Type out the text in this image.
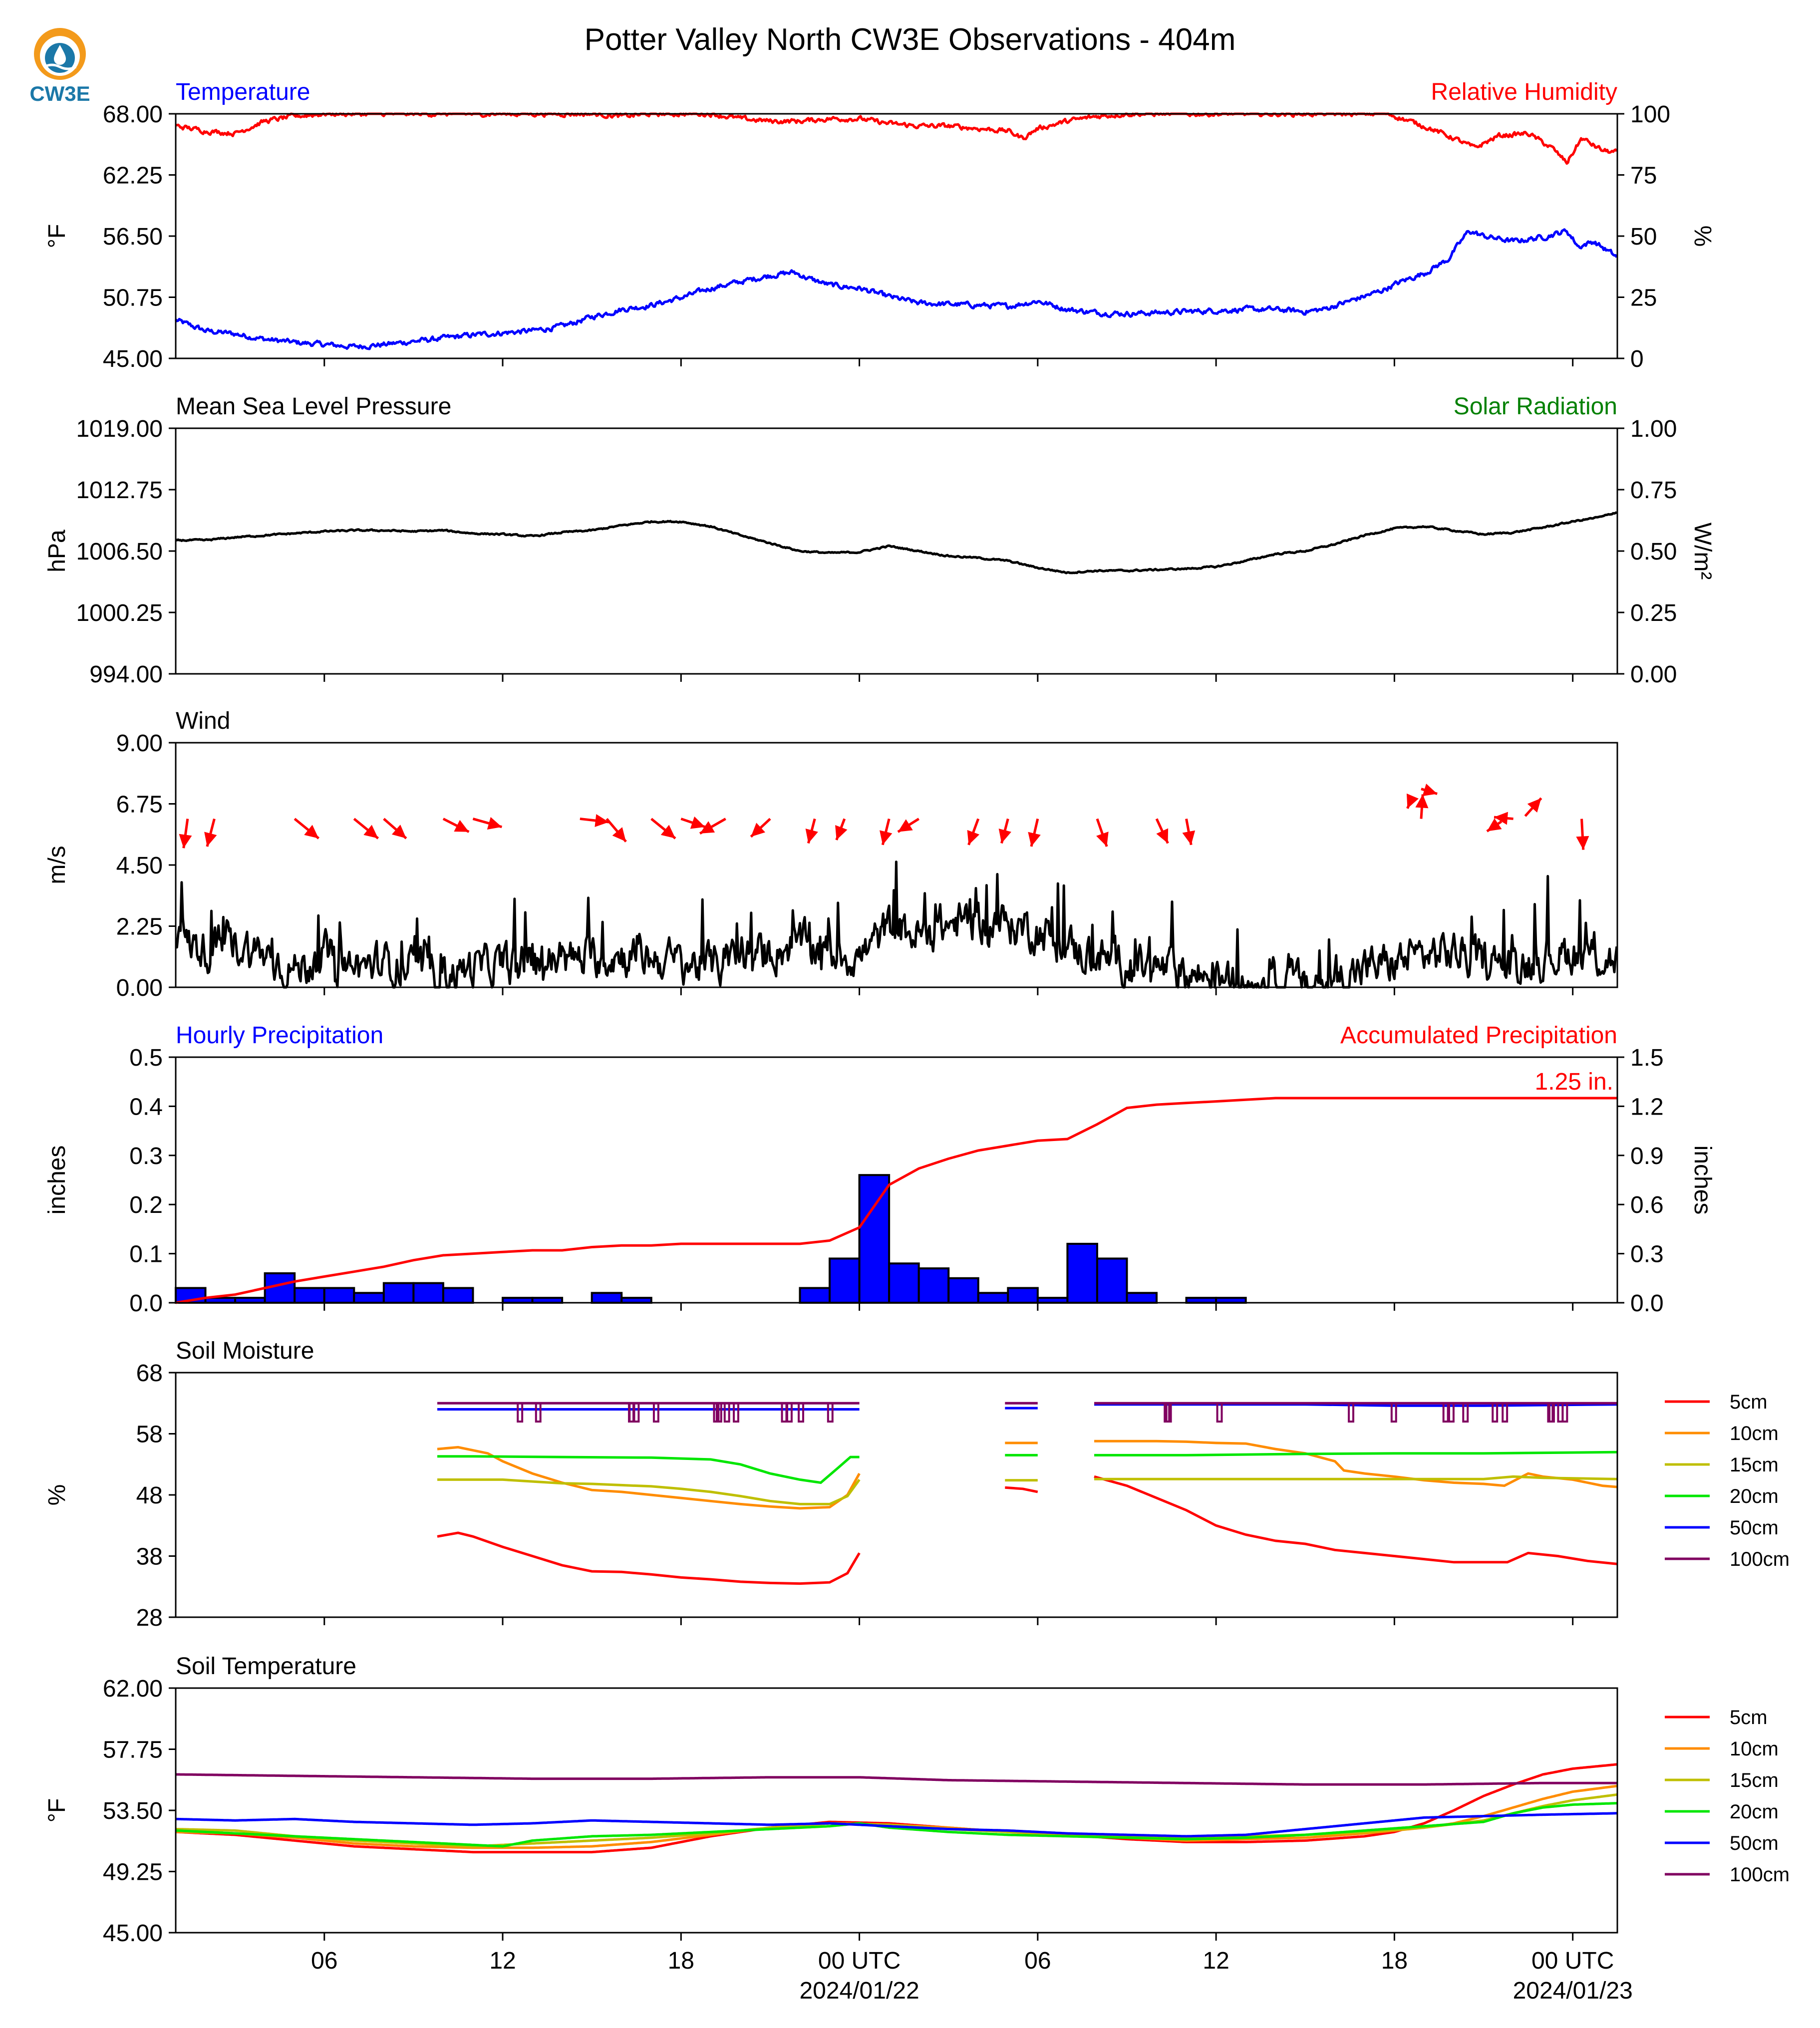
CW3E
Potter Valley North CW3E Observations - 404m
Temperature	Relative Humidity
45.00
50.75
56.50
62.25
68.00
°F
0
25
50
75
100
%
Mean Sea Level Pressure	Solar Radiation
994.00
1000.25
1006.50
1012.75
1019.00
hPa
0.00
0.25
0.50
0.75
1.00
W/m²
Wind
0.00
2.25
4.50
6.75
9.00
m/s
Hourly Precipitation	Accumulated Precipitation
0.0
0.1
0.2
0.3
0.4
0.5
inches
0.0
0.3
0.6
0.9
1.2
1.5
inches
1.25 in.
Soil Moisture
28
38
48
58
68
%
Soil Temperature
45.00
49.25
53.50
57.75
62.00
°F
06	12	18	00 UTC
2024/01/22
06	12	18	00 UTC
2024/01/23
5cm
10cm
15cm
20cm
50cm
100cm
5cm
10cm
15cm
20cm
50cm
100cm
